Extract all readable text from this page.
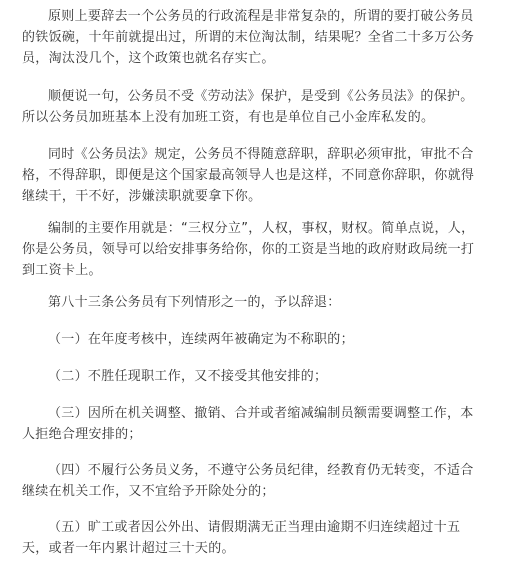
原则上要辞去一个公务员的行政流程是非常复杂的，所谓的要打破公务员的铁饭碗，十年前就提出过，所谓的末位淘汰制，结果呢？全省二十多万公务员，淘汰没几个，这个政策也就名存实亡。

顺便说一句，公务员不受《劳动法》保护，是受到《公务员法》的保护。所以公务员加班基本上没有加班工资，有也是单位自己小金库私发的。

同时《公务员法》规定，公务员不得随意辞职，辞职必须审批，审批不合格，不得辞职，即便是这个国家最高领导人也是这样，不同意你辞职，你就得继续干，干不好，涉嫌渎职就要拿下你。

编制的主要作用就是：“三权分立”，人权，事权，财权。简单点说，人，你是公务员，领导可以给安排事务给你，你的工资是当地的政府财政局统一打到工资卡上。

第八十三条公务员有下列情形之一的，予以辞退：

（一）在年度考核中，连续两年被确定为不称职的；

（二）不胜任现职工作，又不接受其他安排的；

（三）因所在机关调整、撤销、合并或者缩减编制员额需要调整工作，本人拒绝合理安排的；

（四）不履行公务员义务，不遵守公务员纪律，经教育仍无转变，不适合继续在机关工作，又不宜给予开除处分的；

（五）旷工或者因公外出、请假期满无正当理由逾期不归连续超过十五天，或者一年内累计超过三十天的。
